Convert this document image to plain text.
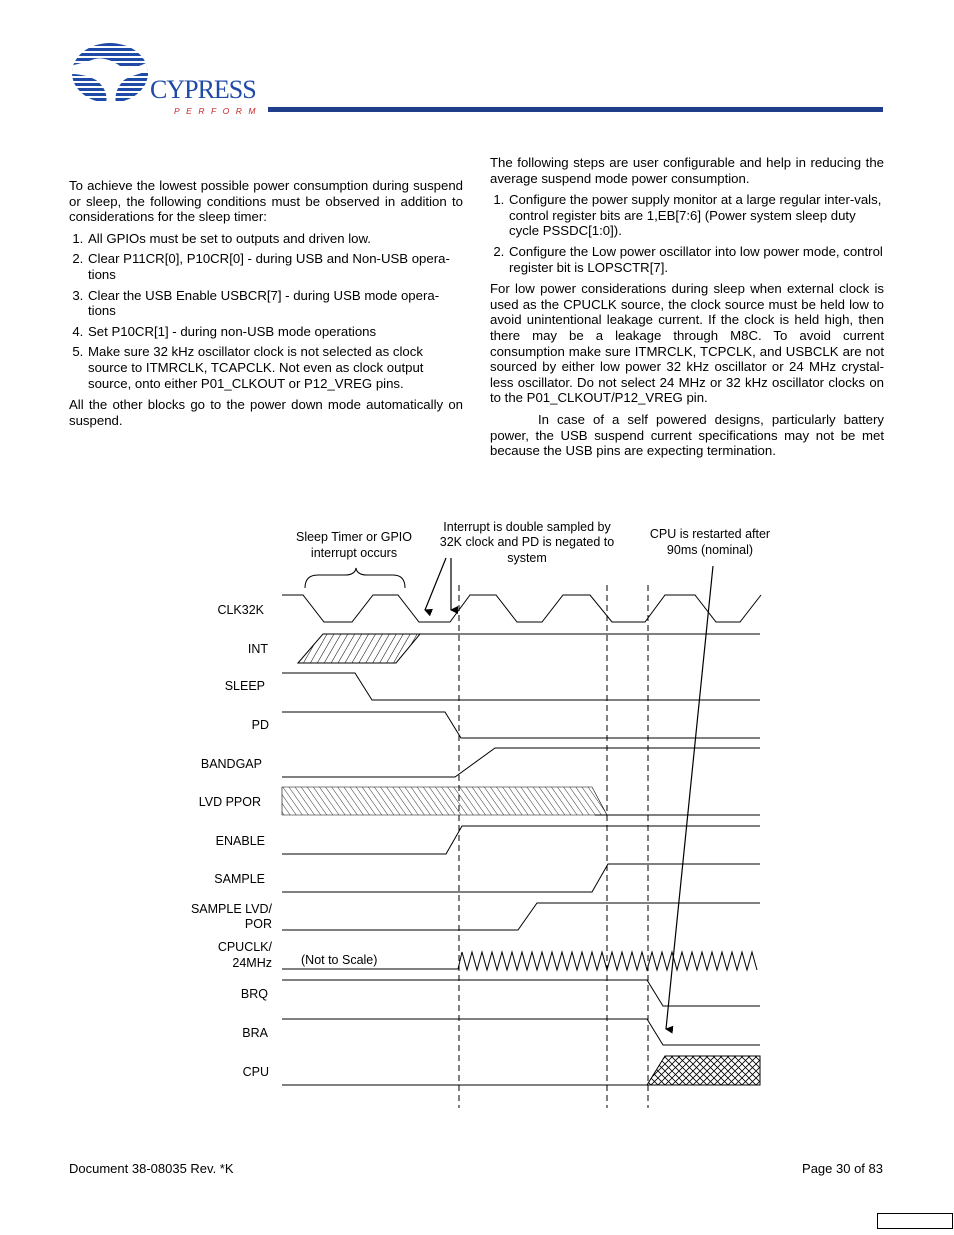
CYPRESS
PERFORM

To achieve the lowest possible power consumption during suspend or sleep, the following conditions must be observed in addition to considerations for the sleep timer:

1. All GPIOs must be set to outputs and driven low.
2. Clear P11CR[0], P10CR[0] - during USB and Non-USB opera-tions
3. Clear the USB Enable USBCR[7] - during USB mode opera-tions
4. Set P10CR[1] - during non-USB mode operations
5. Make sure 32 kHz oscillator clock is not selected as clock source to ITMRCLK, TCAPCLK. Not even as clock output source, onto either P01_CLKOUT or P12_VREG pins.

All the other blocks go to the power down mode automatically on suspend.

The following steps are user configurable and help in reducing the average suspend mode power consumption.

1. Configure the power supply monitor at a large regular inter-vals, control register bits are 1,EB[7:6] (Power system sleep duty cycle PSSDC[1:0]).
2. Configure the Low power oscillator into low power mode, control register bit is LOPSCTR[7].

For low power considerations during sleep when external clock is used as the CPUCLK source, the clock source must be held low to avoid unintentional leakage current. If the clock is held high, then there may be a leakage through M8C. To avoid current consumption make sure ITMRCLK, TCPCLK, and USBCLK are not sourced by either low power 32 kHz oscillator or 24 MHz crystal-less oscillator. Do not select 24 MHz or 32 kHz oscillator clocks on to the P01_CLKOUT/P12_VREG pin.

In case of a self powered designs, particularly battery power, the USB suspend current specifications may not be met because the USB pins are expecting termination.

Sleep Timer or GPIO
interrupt occurs
Interrupt is double sampled by
32K clock and PD is negated to
system
CPU is restarted after
90ms (nominal)
CLK32K
INT
SLEEP
PD
BANDGAP
LVD PPOR
ENABLE
SAMPLE
SAMPLE LVD/
POR
CPUCLK/
24MHz
BRQ
BRA
CPU
(Not to Scale)
Document 38-08035 Rev. *K	Page 30 of 83
